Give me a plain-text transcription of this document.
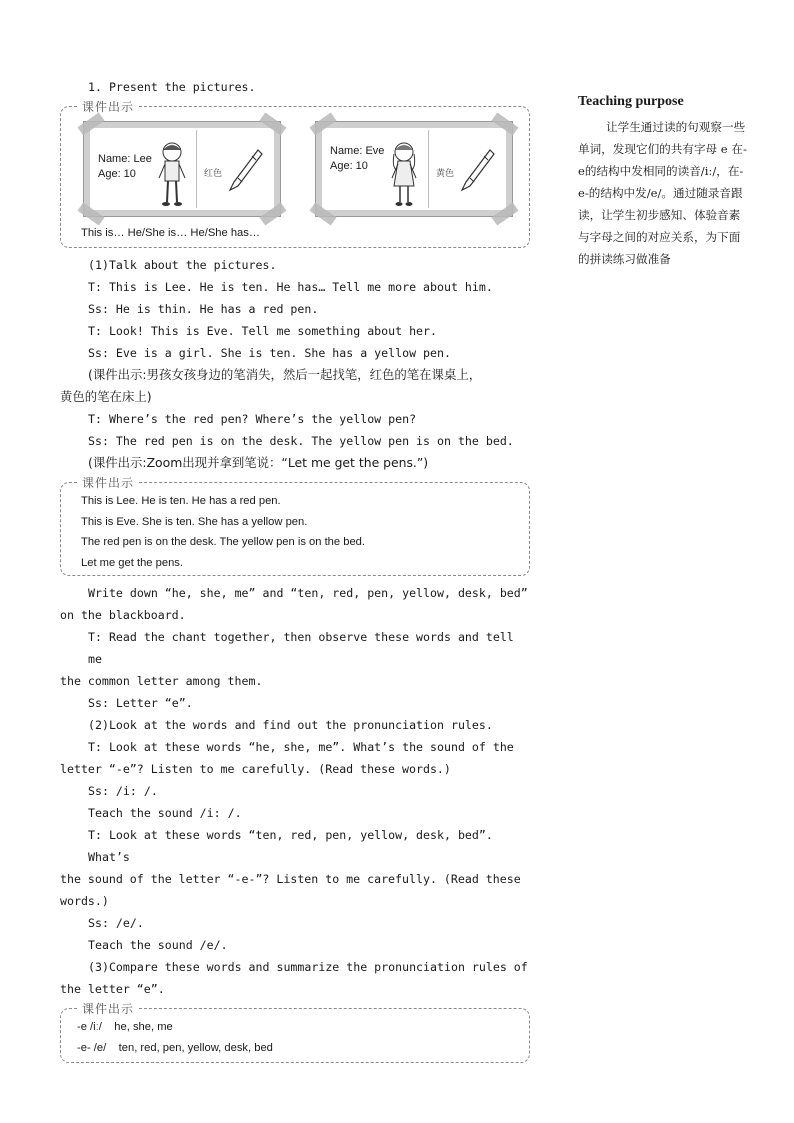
1. Present the pictures.

课件出示
Name: Lee
Age: 10	红色
Name: Eve
Age: 10
黄色
This is… He/She is… He/She has…

(1)Talk about the pictures.

T: This is Lee. He is ten. He has… Tell me more about him.

Ss: He is thin. He has a red pen.

T: Look! This is Eve. Tell me something about her.

Ss: Eve is a girl. She is ten. She has a yellow pen.

(课件出示:男孩女孩身边的笔消失，然后一起找笔，红色的笔在课桌上，

黄色的笔在床上)

T: Where’s the red pen? Where’s the yellow pen?

Ss: The red pen is on the desk. The yellow pen is on the bed.

(课件出示:Zoom出现并拿到笔说：“Let me get the pens.”)

课件出示
This is Lee. He is ten. He has a red pen.
This is Eve. She is ten. She has a yellow pen.
The red pen is on the desk. The yellow pen is on the bed.
Let me get the pens.

Write down “he, she, me” and “ten, red, pen, yellow, desk, bed”

on the blackboard.

T: Read the chant together, then observe these words and tell me

the common letter among them.

Ss: Letter “e”.

(2)Look at the words and find out the pronunciation rules.

T: Look at these words “he, she, me”. What’s the sound of the

letter “-e”? Listen to me carefully. (Read these words.)

Ss: /i: /.

Teach the sound /i: /.

T: Look at these words “ten, red, pen, yellow, desk, bed”. What’s

the sound of the letter “-e-”? Listen to me carefully. (Read these

words.)

Ss: /e/.

Teach the sound /e/.

(3)Compare these words and summarize the pronunciation rules of

the letter “e”.

课件出示
-e /iː/    he, she, me
-e- /e/    ten, red, pen, yellow, desk, bed
Teaching purpose

让学生通过读的句观察一些单词，发现它们的共有字母 e 在-e的结构中发相同的读音/iː/，在-e-的结构中发/e/。通过随录音跟读，让学生初步感知、体验音素与字母之间的对应关系，为下面的拼读练习做准备
